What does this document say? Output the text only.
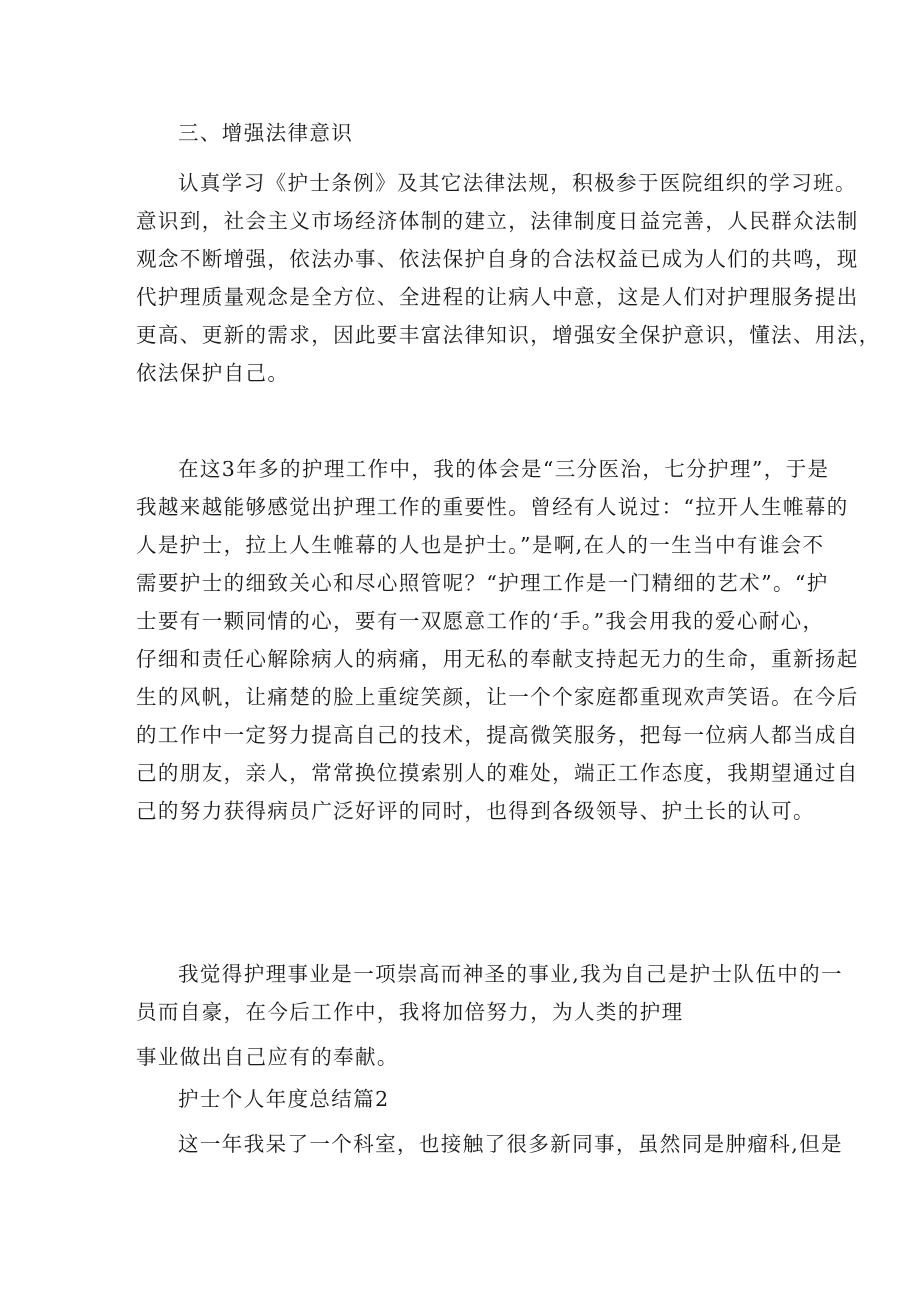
三、增强法律意识
认真学习《护士条例》及其它法律法规，积极参于医院组织的学习班。
意识到，社会主义市场经济体制的建立，法律制度日益完善，人民群众法制
观念不断增强，依法办事、依法保护自身的合法权益已成为人们的共鸣，现
代护理质量观念是全方位、全进程的让病人中意，这是人们对护理服务提出
更高、更新的需求，因此要丰富法律知识，增强安全保护意识，懂法、用法，
依法保护自己。
在这3年多的护理工作中，我的体会是“三分医治，七分护理”，于是
我越来越能够感觉出护理工作的重要性。曾经有人说过：“拉开人生帷幕的
人是护士，拉上人生帷幕的人也是护士。”是啊,在人的一生当中有谁会不
需要护士的细致关心和尽心照管呢？“护理工作是一门精细的艺术”。“护
士要有一颗同情的心，要有一双愿意工作的‘手。”我会用我的爱心耐心，
仔细和责任心解除病人的病痛，用无私的奉献支持起无力的生命，重新扬起
生的风帆，让痛楚的脸上重绽笑颜，让一个个家庭都重现欢声笑语。在今后
的工作中一定努力提高自己的技术，提高微笑服务，把每一位病人都当成自
己的朋友，亲人，常常换位摸索别人的难处，端正工作态度，我期望通过自
己的努力获得病员广泛好评的同时，也得到各级领导、护土长的认可。
我觉得护理事业是一项崇高而神圣的事业,我为自己是护士队伍中的一
员而自豪，在今后工作中，我将加倍努力，为人类的护理
事业做出自己应有的奉献。
护士个人年度总结篇2
这一年我呆了一个科室，也接触了很多新同事，虽然同是肿瘤科,但是
